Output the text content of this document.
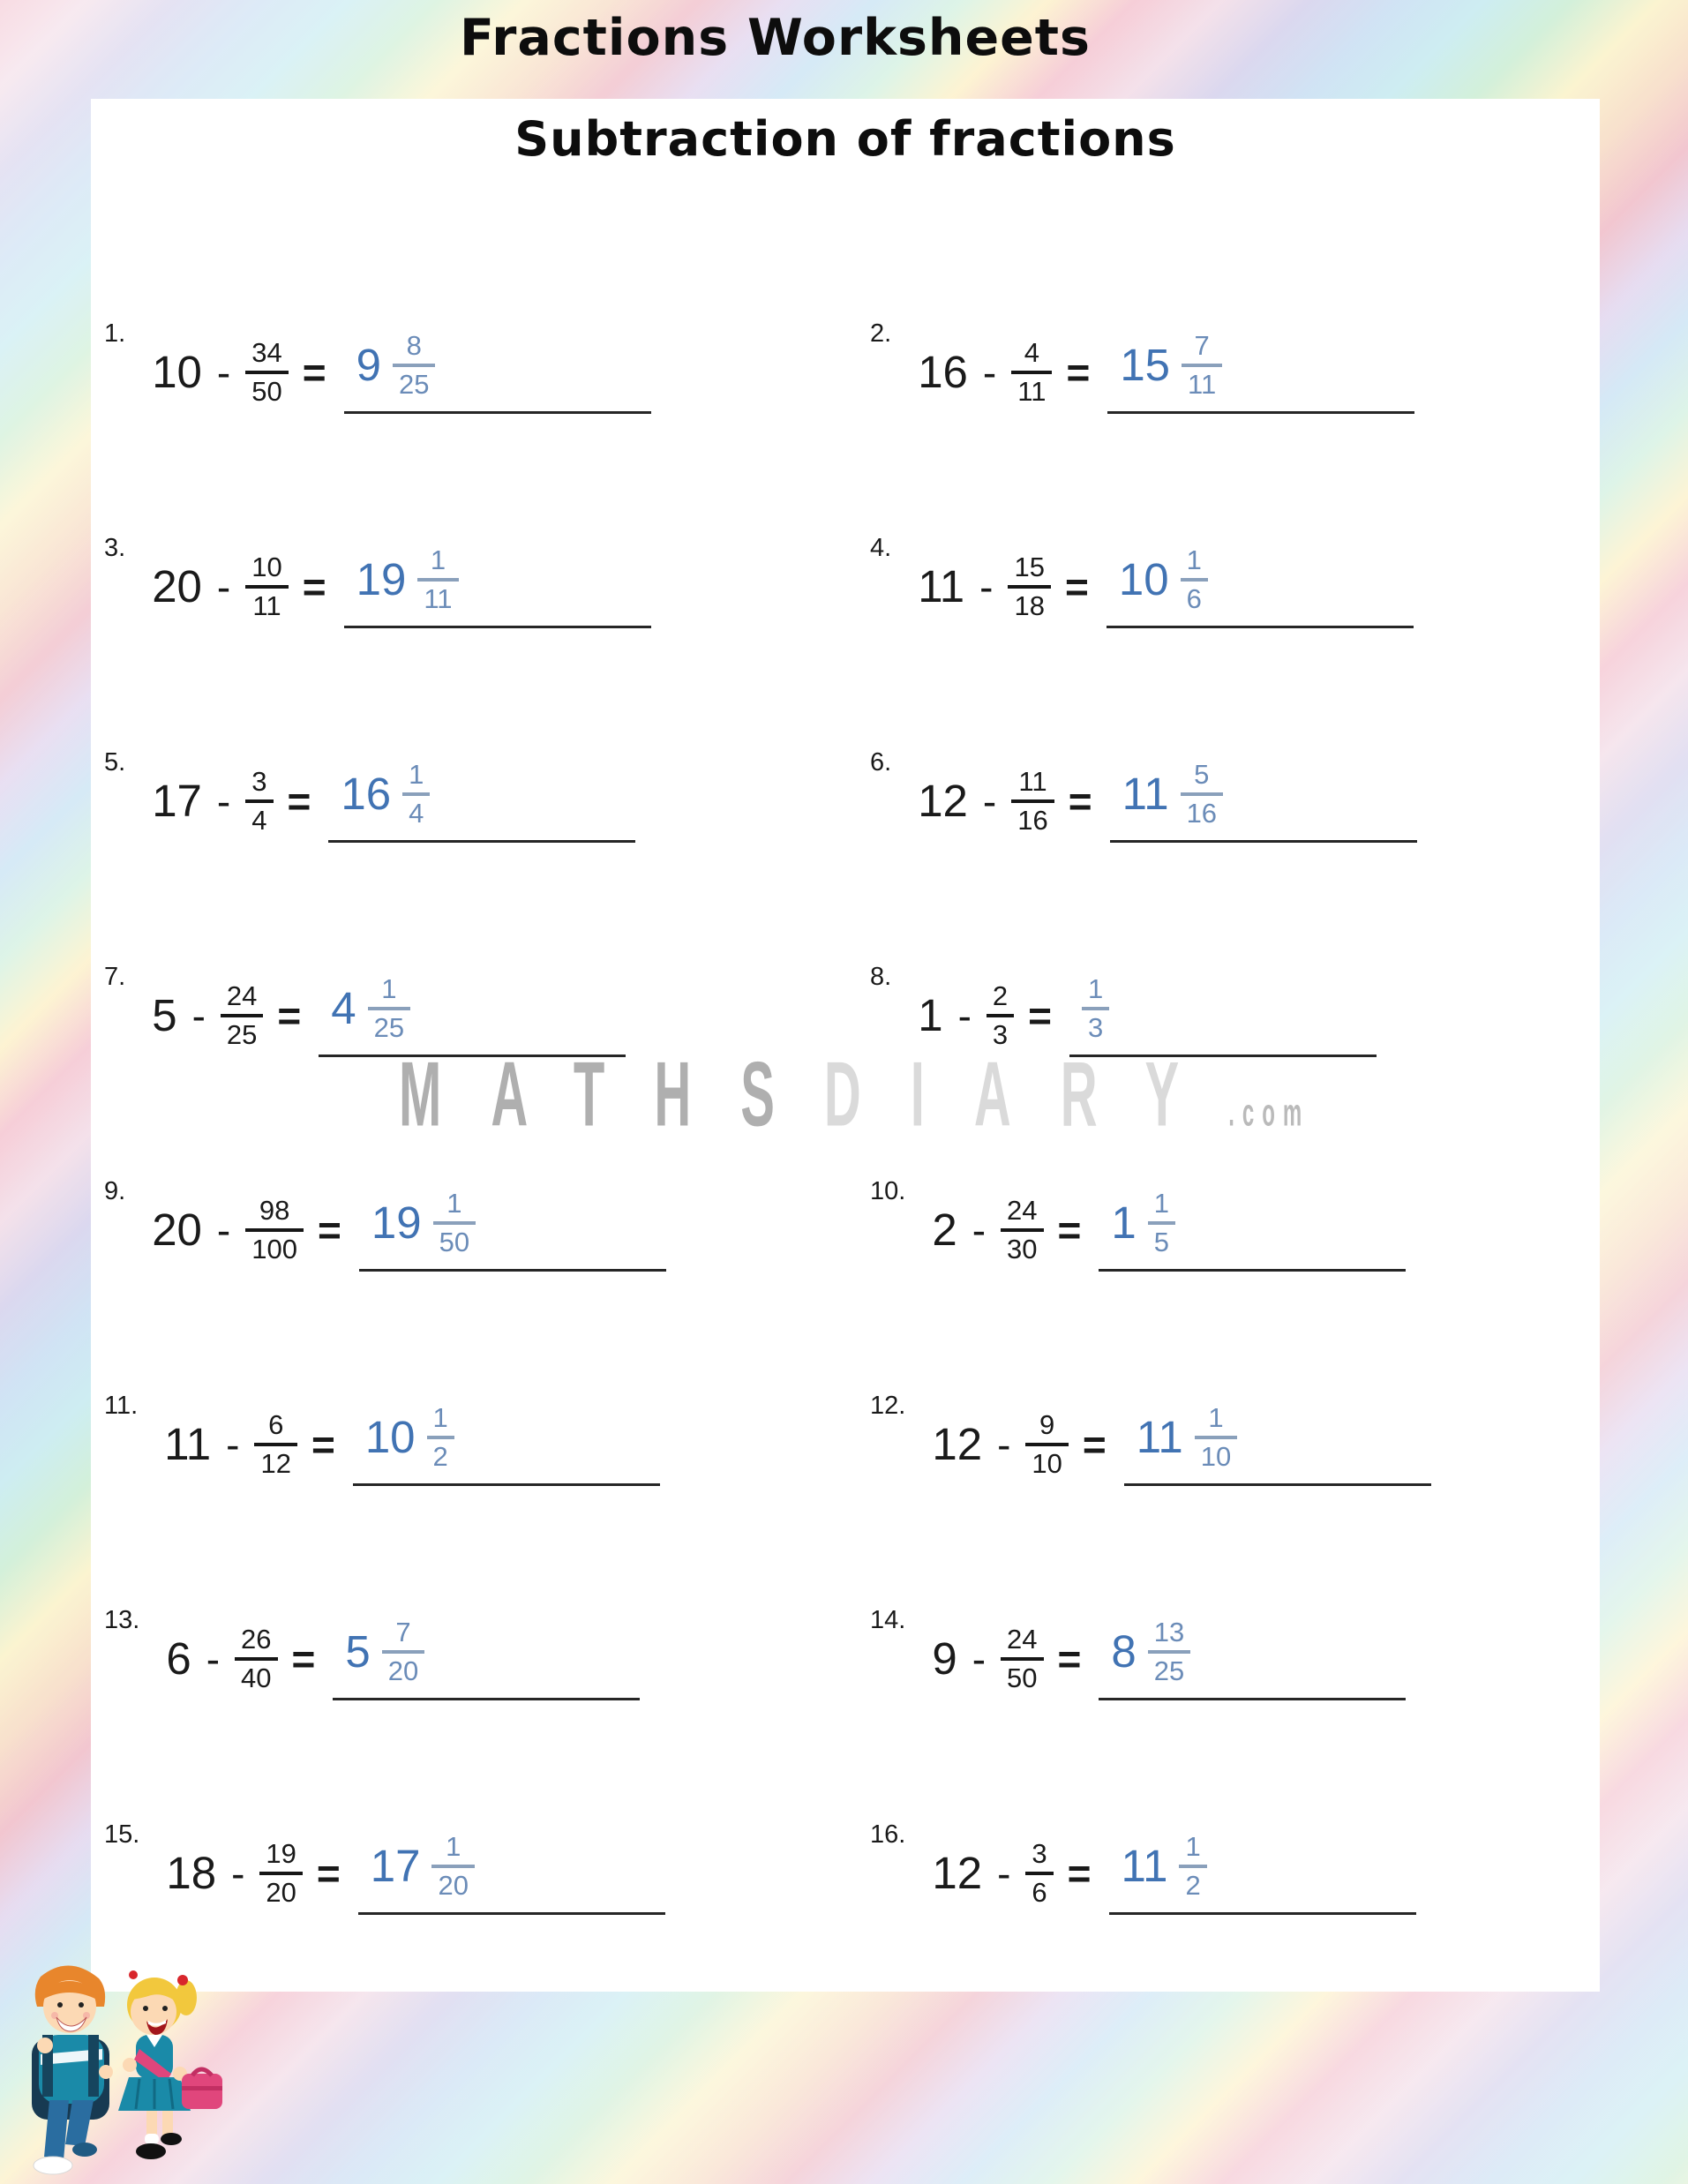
Fractions Worksheets
Subtraction of fractions
MATHSDIARY.com
1.
$10 - \frac{34}{50} = 9 \frac{8}{25}$	2.
$16 - \frac{4}{11} = 15 \frac{7}{11}$
3.
$20 - \frac{10}{11} = 19 \frac{1}{11}$	4.
$11 - \frac{15}{18} = 10 \frac{1}{6}$
5.
$17 - \frac{3}{4} = 16 \frac{1}{4}$	6.
$12 - \frac{11}{16} = 11 \frac{5}{16}$
7.
$5 - \frac{24}{25} = 4 \frac{1}{25}$	8.
$1 - \frac{2}{3} = \frac{1}{3}$
9.
$20 - \frac{98}{100} = 19 \frac{1}{50}$	10.
$2 - \frac{24}{30} = 1 \frac{1}{5}$
11.
$11 - \frac{6}{12} = 10 \frac{1}{2}$	12.
$12 - \frac{9}{10} = 11 \frac{1}{10}$
13.
$6 - \frac{26}{40} = 5 \frac{7}{20}$	14.
$9 - \frac{24}{50} = 8 \frac{13}{25}$
15.
$18 - \frac{19}{20} = 17 \frac{1}{20}$	16.
$12 - \frac{3}{6} = 11 \frac{1}{2}$
